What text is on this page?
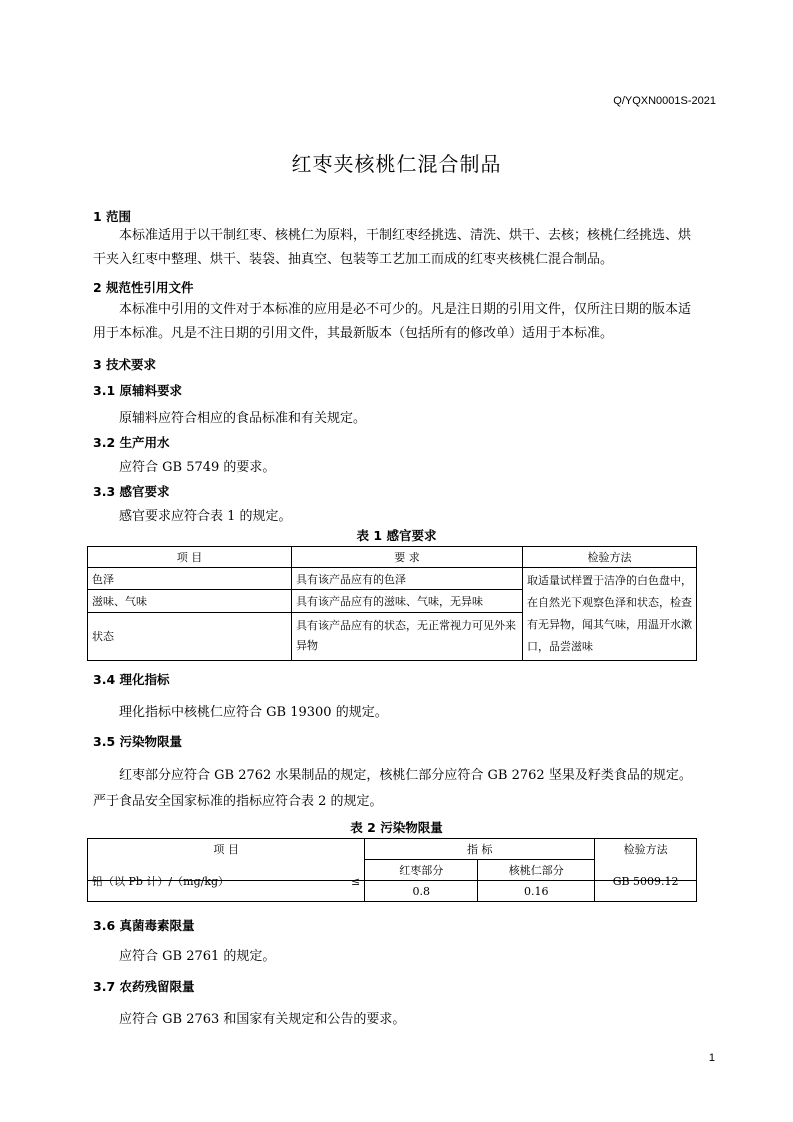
Q/YQXN0001S-2021
红枣夹核桃仁混合制品
1 范围
本标准适用于以干制红枣、核桃仁为原料，干制红枣经挑选、清洗、烘干、去核；核桃仁经挑选、烘干夹入红枣中整理、烘干、装袋、抽真空、包装等工艺加工而成的红枣夹核桃仁混合制品。
2 规范性引用文件
本标准中引用的文件对于本标准的应用是必不可少的。凡是注日期的引用文件，仅所注日期的版本适用于本标准。凡是不注日期的引用文件，其最新版本（包括所有的修改单）适用于本标准。
3 技术要求
3.1 原辅料要求
原辅料应符合相应的食品标准和有关规定。
3.2 生产用水
应符合 GB 5749 的要求。
3.3 感官要求
感官要求应符合表 1 的规定。
表 1 感官要求
项 目	要 求	检验方法
色泽	具有该产品应有的色泽	取适量试样置于洁净的白色盘中，在自然光下观察色泽和状态，检查有无异物，闻其气味，用温开水漱口，品尝滋味
滋味、气味	具有该产品应有的滋味、气味，无异味	
状态	具有该产品应有的状态，无正常视力可见外来异物	
3.4 理化指标
理化指标中核桃仁应符合 GB 19300 的规定。
3.5 污染物限量
红枣部分应符合 GB 2762 水果制品的规定，核桃仁部分应符合 GB 2762 坚果及籽类食品的规定。严于食品安全国家标准的指标应符合表 2 的规定。
表 2 污染物限量
项 目		指 标		检验方法
		红枣部分	核桃仁部分	
铅（以 Pb 计）/（mg/kg）	≤	0.8	0.16	GB 5009.12
3.6 真菌毒素限量
应符合 GB 2761 的规定。
3.7 农药残留限量
应符合 GB 2763 和国家有关规定和公告的要求。
1
